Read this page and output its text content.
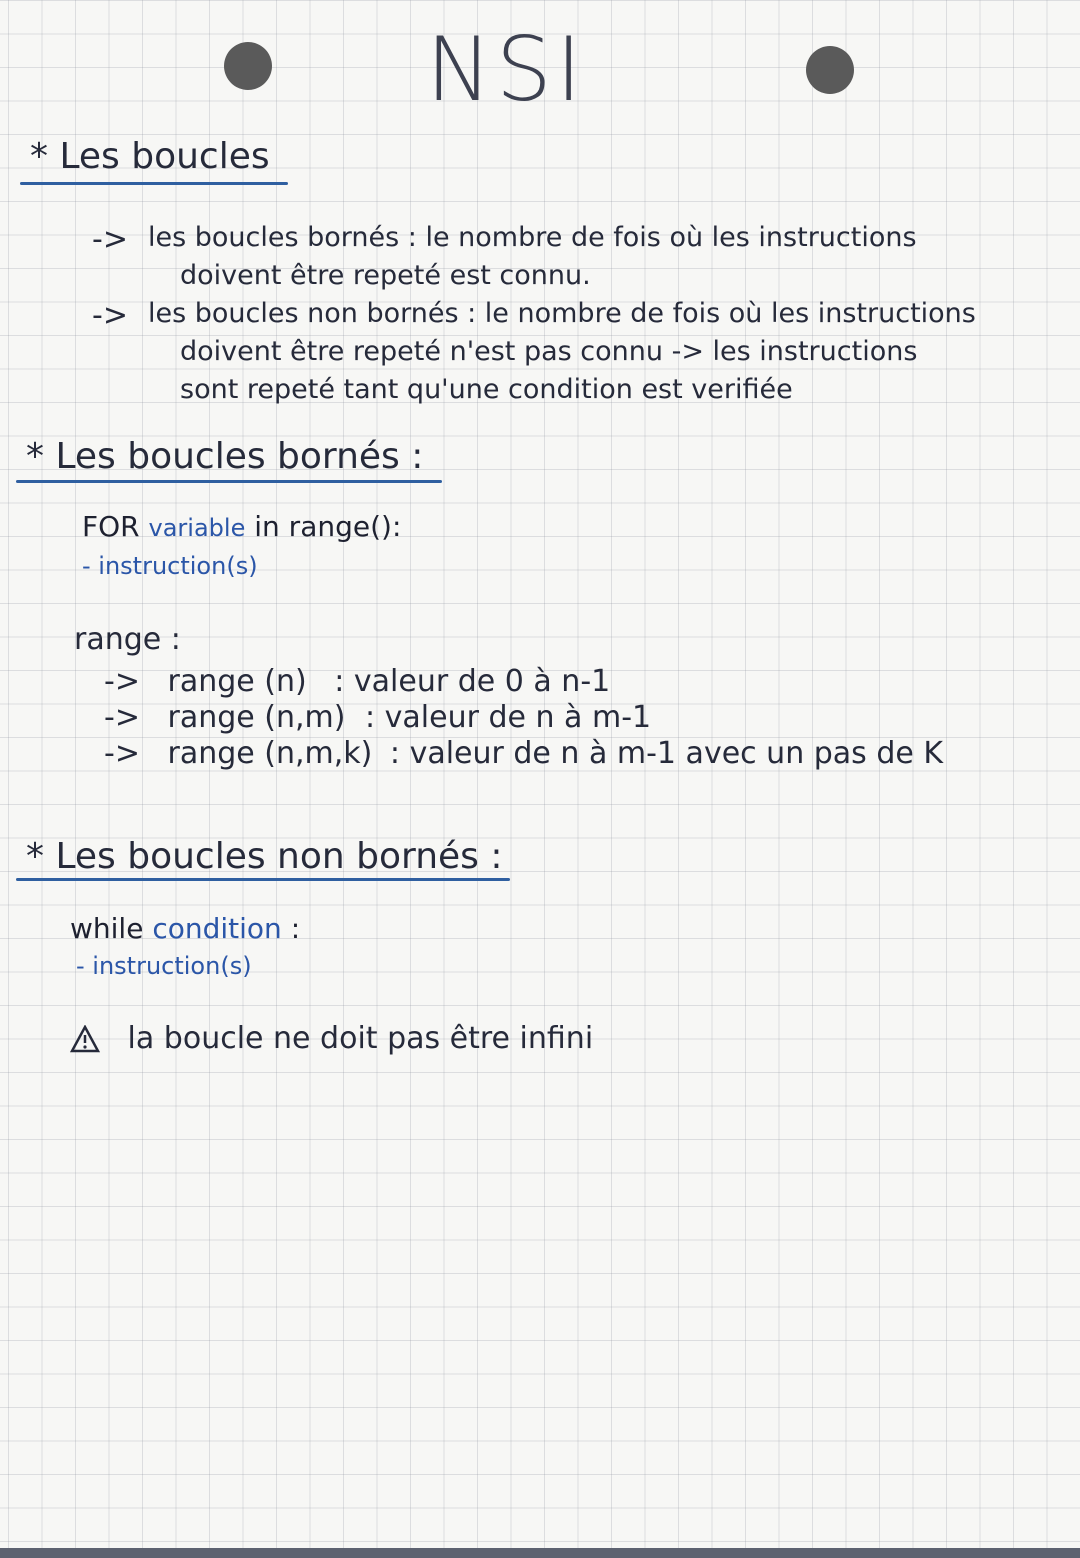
NSI
* Les boucles
-> les boucles bornés : le nombre de fois où les instructions
doivent être repeté est connu.
-> les boucles non bornés : le nombre de fois où les instructions
doivent être repeté n'est pas connu -> les instructions
sont repeté tant qu'une condition est verifiée
* Les boucles bornés :
FOR variable in range():
- instruction(s)
range :
-> range (n) : valeur de 0 à n-1
-> range (n,m) : valeur de n à m-1
-> range (n,m,k) : valeur de n à m-1 avec un pas de K
* Les boucles non bornés :
while condition :
- instruction(s)
la boucle ne doit pas être infini
